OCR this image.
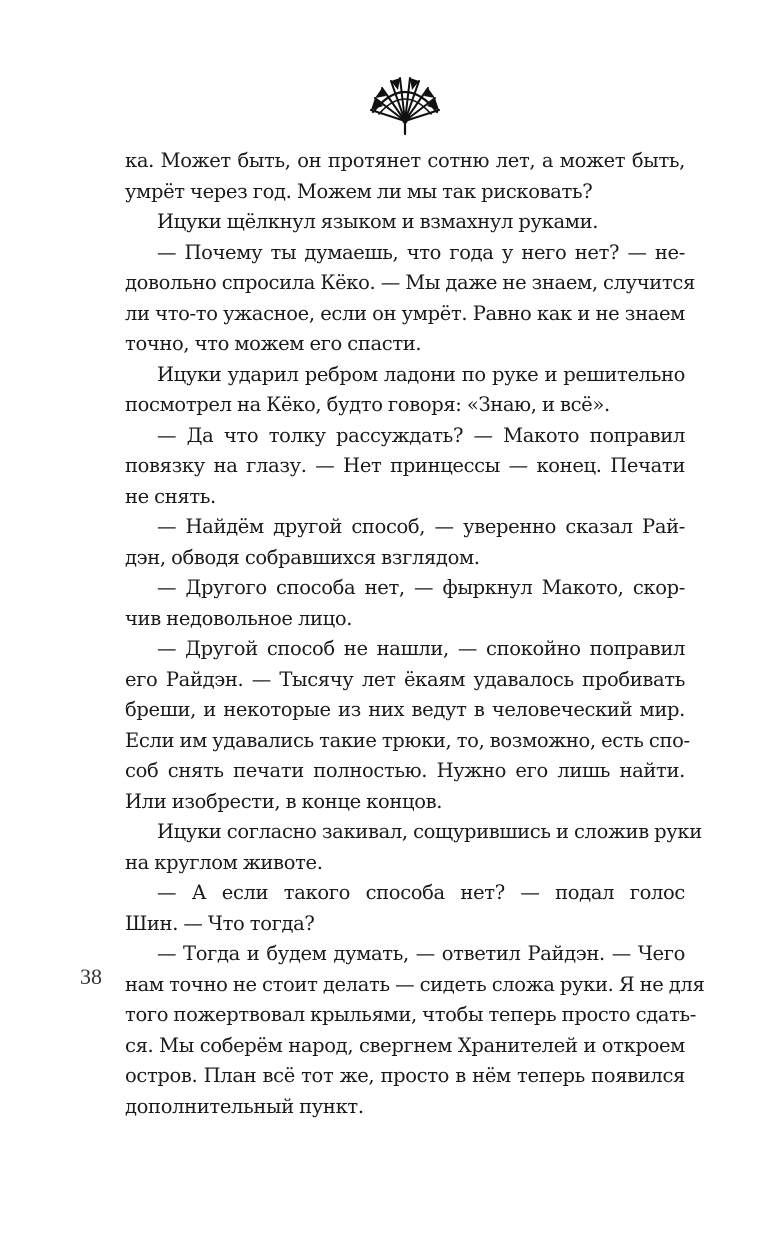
ка. Может быть, он протянет сотню лет, а может быть,
умрёт через год. Можем ли мы так рисковать?
Ицуки щёлкнул языком и взмахнул руками.
— Почему ты думаешь, что года у него нет? — не-
довольно спросила Кёко. — Мы даже не знаем, случится
ли что-то ужасное, если он умрёт. Равно как и не знаем
точно, что можем его спасти.
Ицуки ударил ребром ладони по руке и решительно
посмотрел на Кёко, будто говоря: «Знаю, и всё».
— Да что толку рассуждать? — Макото поправил
повязку на глазу. — Нет принцессы — конец. Печати
не снять.
— Найдём другой способ, — уверенно сказал Рай-
дэн, обводя собравшихся взглядом.
— Другого способа нет, — фыркнул Макото, скор-
чив недовольное лицо.
— Другой способ не нашли, — спокойно поправил
его Райдэн. — Тысячу лет ёкаям удавалось пробивать
бреши, и некоторые из них ведут в человеческий мир.
Если им удавались такие трюки, то, возможно, есть спо-
соб снять печати полностью. Нужно его лишь найти.
Или изобрести, в конце концов.
Ицуки согласно закивал, сощурившись и сложив руки
на круглом животе.
— А если такого способа нет? — подал голос
Шин. — Что тогда?
— Тогда и будем думать, — ответил Райдэн. — Чего
нам точно не стоит делать — сидеть сложа руки. Я не для
того пожертвовал крыльями, чтобы теперь просто сдать-
ся. Мы соберём народ, свергнем Хранителей и откроем
остров. План всё тот же, просто в нём теперь появился
дополнительный пункт.
38
